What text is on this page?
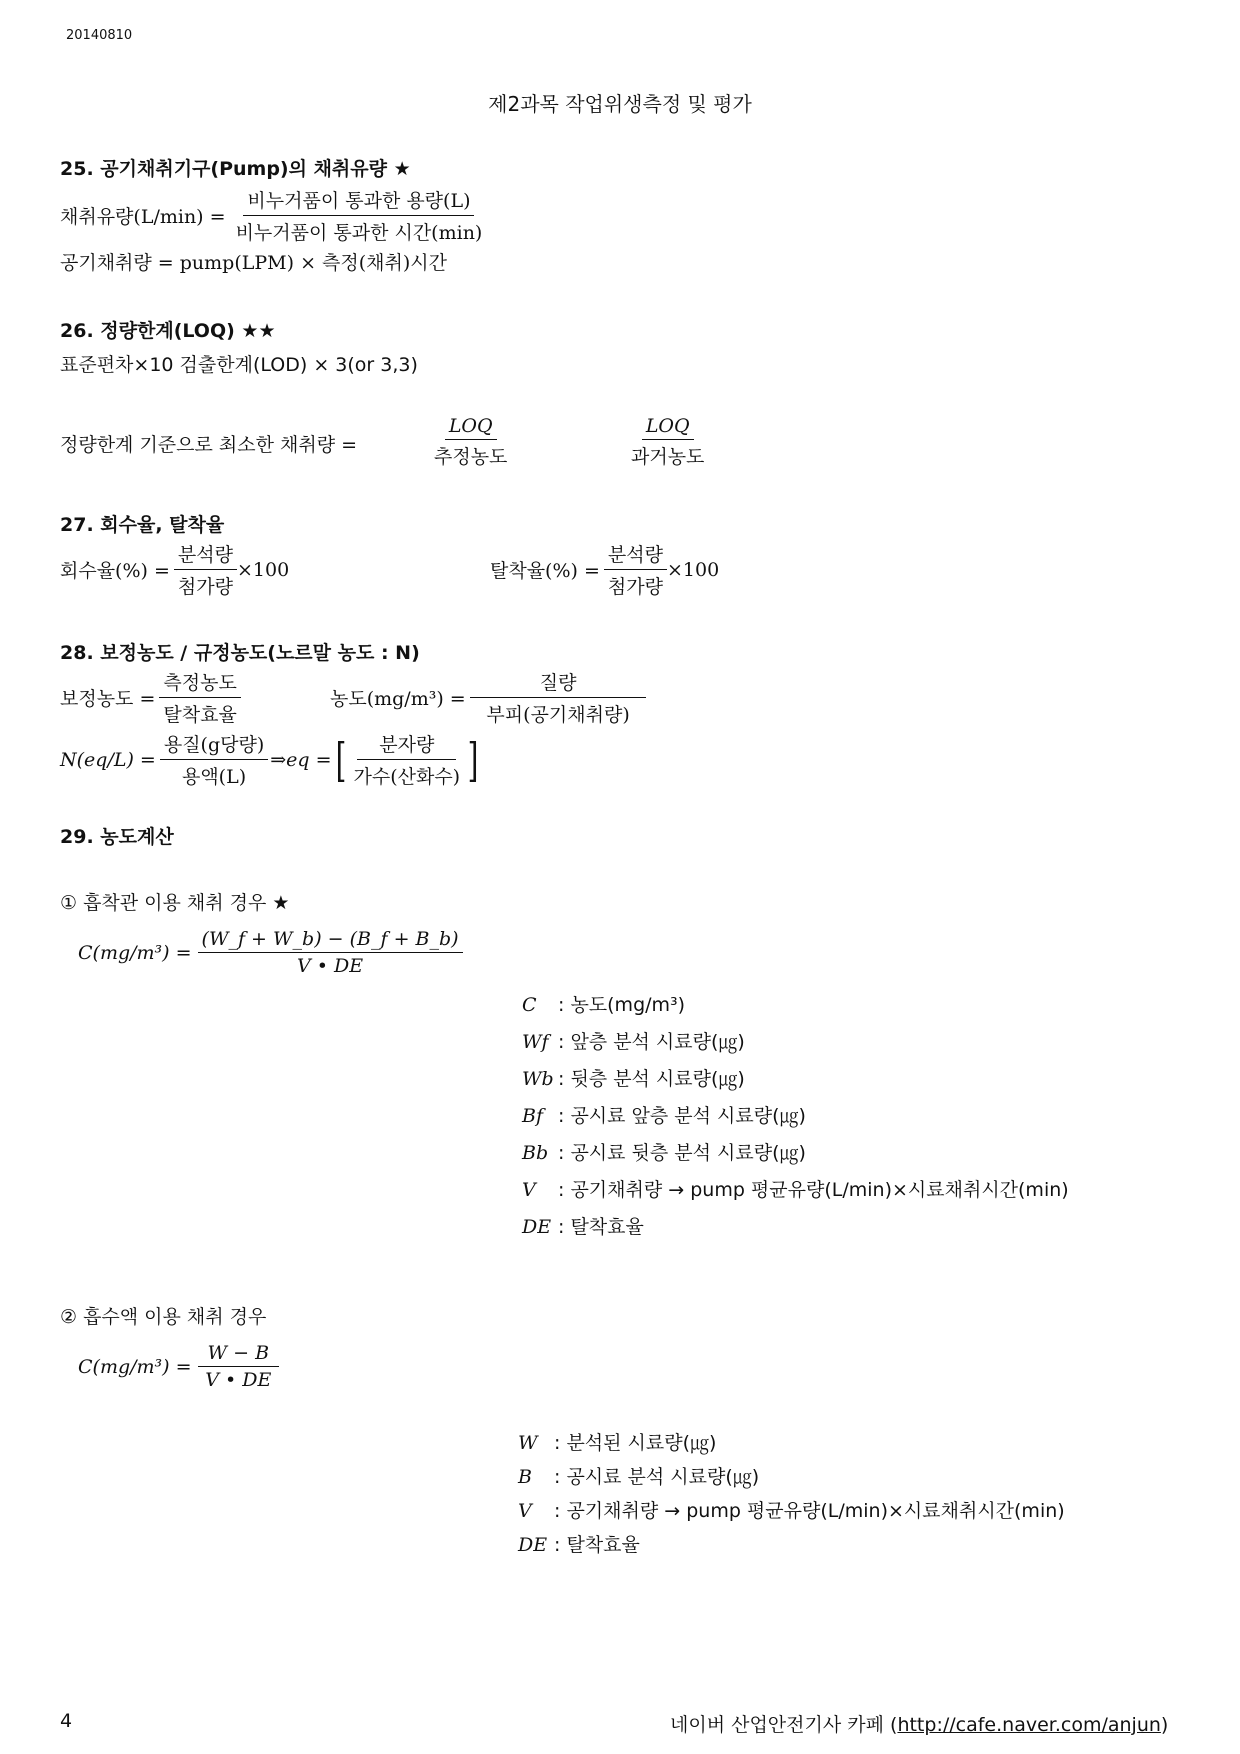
20140810
제2과목 작업위생측정 및 평가
25. 공기채취기구(Pump)의 채취유량 ★
채취유량$(L/\min) = \frac{\text{비누거품이 통과한 용량(L)}}{\text{비누거품이 통과한 시간(min)}}$
공기채취량 = pump(LPM) × 측정(채취)시간
26. 정량한계(LOQ) ★★
표준편차×10 검출한계(LOD) × 3(or 3,3)
정량한계 기준으로 최소한 채취량 =	$\frac{\text{LOQ}}{\text{추정농도}}$	$\frac{\text{LOQ}}{\text{과거농도}}$
27. 회수율, 탈착율
회수율(%) = $\frac{\text{분석량}}{\text{첨가량}} \times 100$	탈착율(%) = $\frac{\text{분석량}}{\text{첨가량}} \times 100$
28. 보정농도 / 규정농도(노르말 농도 : N)
보정농도 = $\frac{\text{측정농도}}{\text{탈착효율}}$	농도$(mg/m^3) = \frac{\text{질량}}{\text{부피(공기채취량)}}$
$N(eq/L) = \frac{\text{용질(g당량)}}{\text{용액(L)}}$ ⇒eq = [ $\frac{\text{분자량}}{\text{가수(산화수)}}$ ]
29. 농도계산
① 흡착관 이용 채취 경우 ★
$C(mg/m^3) = \frac{(W\_f + W\_b) - (B\_f + B\_b)}{V • DE}$
C	: 농도(mg/m³)
Wf : 앞층 분석 시료량(㎍)
Wb : 뒷층 분석 시료량(㎍)
Bf : 공시료 앞층 분석 시료량(㎍)
Bb : 공시료 뒷층 분석 시료량(㎍)
V	: 공기채취량 → pump 평균유량(L/min)×시료채취시간(min)
DE : 탈착효율
② 흡수액 이용 채취 경우
$C(mg/m^3) = \frac{W - B}{V • DE}$
W : 분석된 시료량(㎍)
B	: 공시료 분석 시료량(㎍)
V	: 공기채취량 → pump 평균유량(L/min)×시료채취시간(min)
DE : 탈착효율
4	네이버 산업안전기사 카페 (http://cafe.naver.com/anjun)
